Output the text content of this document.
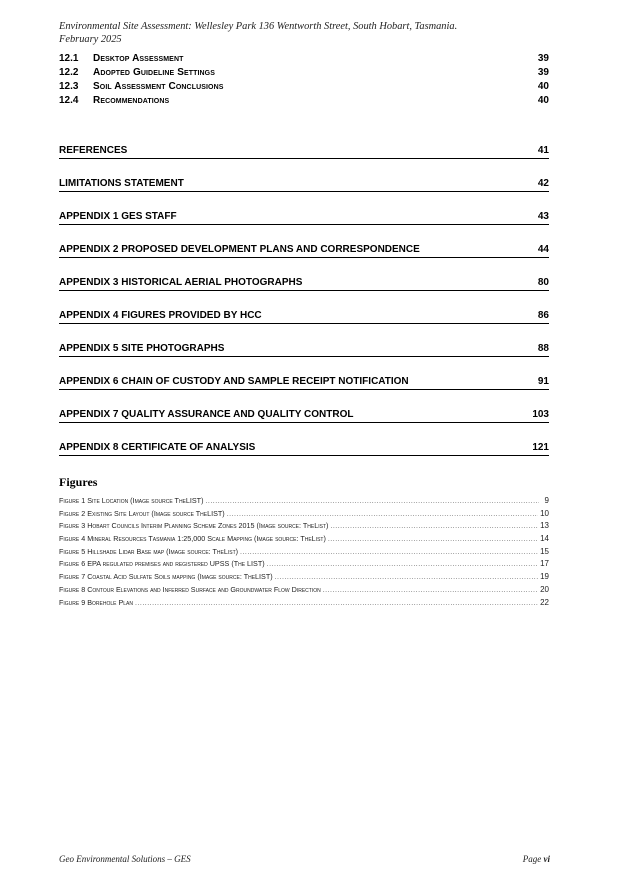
Environmental Site Assessment: Wellesley Park 136 Wentworth Street, South Hobart, Tasmania.
February 2025
12.1	Desktop Assessment	39
12.2	Adopted Guideline Settings	39
12.3	Soil Assessment Conclusions	40
12.4	Recommendations	40
REFERENCES	41
LIMITATIONS STATEMENT	42
APPENDIX 1 GES STAFF	43
APPENDIX 2 PROPOSED DEVELOPMENT PLANS AND CORRESPONDENCE	44
APPENDIX 3 HISTORICAL AERIAL PHOTOGRAPHS	80
APPENDIX 4 FIGURES PROVIDED BY HCC	86
APPENDIX 5 SITE PHOTOGRAPHS	88
APPENDIX 6 CHAIN OF CUSTODY AND SAMPLE RECEIPT NOTIFICATION	91
APPENDIX 7 QUALITY ASSURANCE AND QUALITY CONTROL	103
APPENDIX 8 CERTIFICATE OF ANALYSIS	121
Figures
Figure 1 Site Location (Image source TheLIST) .....	9
Figure 2 Existing Site Layout (Image source TheLIST) .....	10
Figure 3 Hobart Councils Interim Planning Scheme Zones 2015 (Image source: TheList) .....	13
Figure 4 Mineral Resources Tasmania 1:25,000 Scale Mapping (Image source: TheList) .....	14
Figure 5 Hillshade Lidar Base map (Image source: TheList) .....	15
Figure 6 EPA regulated premises and registered UPSS (The LIST) .....	17
Figure 7 Coastal Acid Sulfate Soils mapping (Image source: TheLIST) .....	19
Figure 8 Contour Elevations and Inferred Surface and Groundwater Flow Direction .....	20
Figure 9 Borehole Plan .....	22
Geo Environmental Solutions – GES	Page vi
